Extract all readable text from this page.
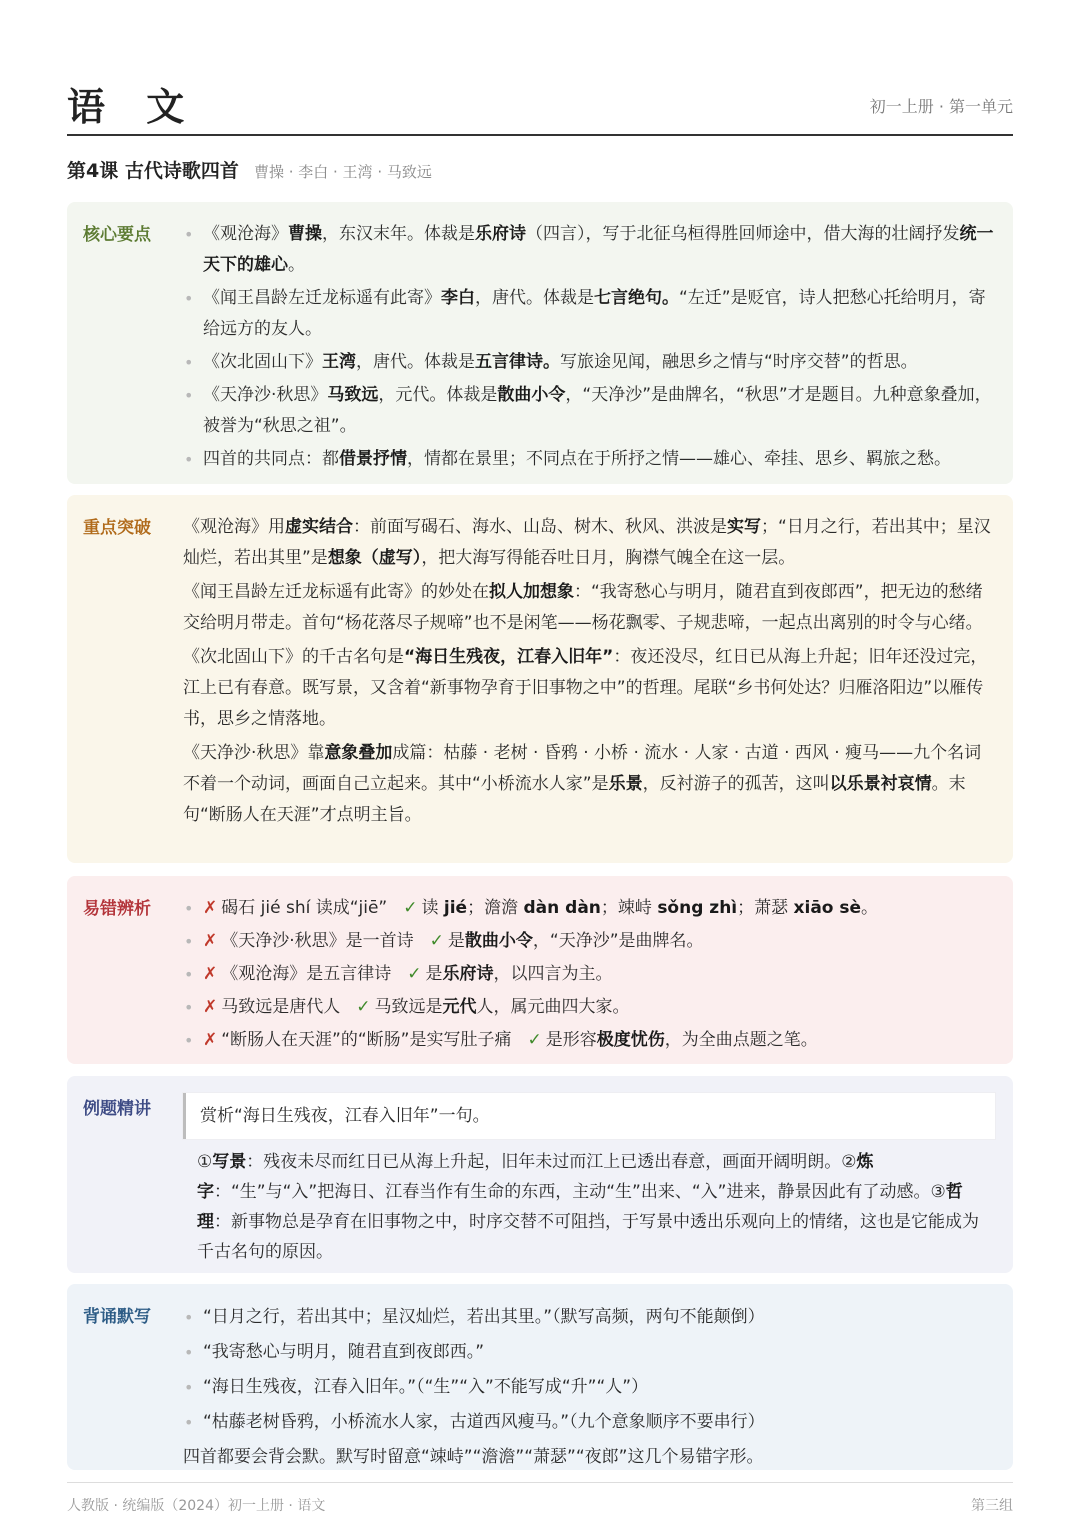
语 文	初一上册 · 第一单元
第4课 古代诗歌四首 曹操 · 李白 · 王湾 · 马致远
核心要点	• 《观沧海》曹操，东汉末年。体裁是乐府诗（四言），写于北征乌桓得胜回师途中，借大海的壮阔抒发统一天下的雄心。
• 《闻王昌龄左迁龙标遥有此寄》李白，唐代。体裁是七言绝句。“左迁”是贬官，诗人把愁心托给明月，寄给远方的友人。
• 《次北固山下》王湾，唐代。体裁是五言律诗。写旅途见闻，融思乡之情与“时序交替”的哲思。
• 《天净沙·秋思》马致远，元代。体裁是散曲小令，“天净沙”是曲牌名，“秋思”才是题目。九种意象叠加，被誉为“秋思之祖”。
• 四首的共同点：都借景抒情，情都在景里；不同点在于所抒之情——雄心、牵挂、思乡、羁旅之愁。
重点突破 《观沧海》用虚实结合：前面写碣石、海水、山岛、树木、秋风、洪波是实写；“日月之行，若出其中；星汉灿烂，若出其里”是想象（虚写），把大海写得能吞吐日月，胸襟气魄全在这一层。

《闻王昌龄左迁龙标遥有此寄》的妙处在拟人加想象：“我寄愁心与明月，随君直到夜郎西”，把无边的愁绪交给明月带走。首句“杨花落尽子规啼”也不是闲笔——杨花飘零、子规悲啼，一起点出离别的时令与心绪。

《次北固山下》的千古名句是“海日生残夜，江春入旧年”：夜还没尽，红日已从海上升起；旧年还没过完，江上已有春意。既写景，又含着“新事物孕育于旧事物之中”的哲理。尾联“乡书何处达？归雁洛阳边”以雁传书，思乡之情落地。

《天净沙·秋思》靠意象叠加成篇：枯藤 · 老树 · 昏鸦 · 小桥 · 流水 · 人家 · 古道 · 西风 · 瘦马——九个名词不着一个动词，画面自己立起来。其中“小桥流水人家”是乐景，反衬游子的孤苦，这叫以乐景衬哀情。末句“断肠人在天涯”才点明主旨。

易错辨析	• ✗ 碣石 jié shí 读成“jiē” ✓ 读 jié；澹澹 dàn dàn；竦峙 sǒng zhì；萧瑟 xiāo sè。
• ✗ 《天净沙·秋思》是一首诗 ✓ 是散曲小令，“天净沙”是曲牌名。
• ✗ 《观沧海》是五言律诗 ✓ 是乐府诗，以四言为主。
• ✗ 马致远是唐代人 ✓ 马致远是元代人，属元曲四大家。
• ✗ “断肠人在天涯”的“断肠”是实写肚子痛 ✓ 是形容极度忧伤，为全曲点题之笔。
例题精讲	赏析“海日生残夜，江春入旧年”一句。
①写景：残夜未尽而红日已从海上升起，旧年未过而江上已透出春意，画面开阔明朗。②炼字：“生”与“入”把海日、江春当作有生命的东西，主动“生”出来、“入”进来，静景因此有了动感。③哲理：新事物总是孕育在旧事物之中，时序交替不可阻挡，于写景中透出乐观向上的情绪，这也是它能成为千古名句的原因。
背诵默写	• “日月之行，若出其中；星汉灿烂，若出其里。”（默写高频，两句不能颠倒）
• “我寄愁心与明月，随君直到夜郎西。”
• “海日生残夜，江春入旧年。”（“生”“入”不能写成“升”“人”）
• “枯藤老树昏鸦，小桥流水人家，古道西风瘦马。”（九个意象顺序不要串行）
四首都要会背会默。默写时留意“竦峙”“澹澹”“萧瑟”“夜郎”这几个易错字形。
人教版 · 统编版（2024）初一上册 · 语文	第三组
